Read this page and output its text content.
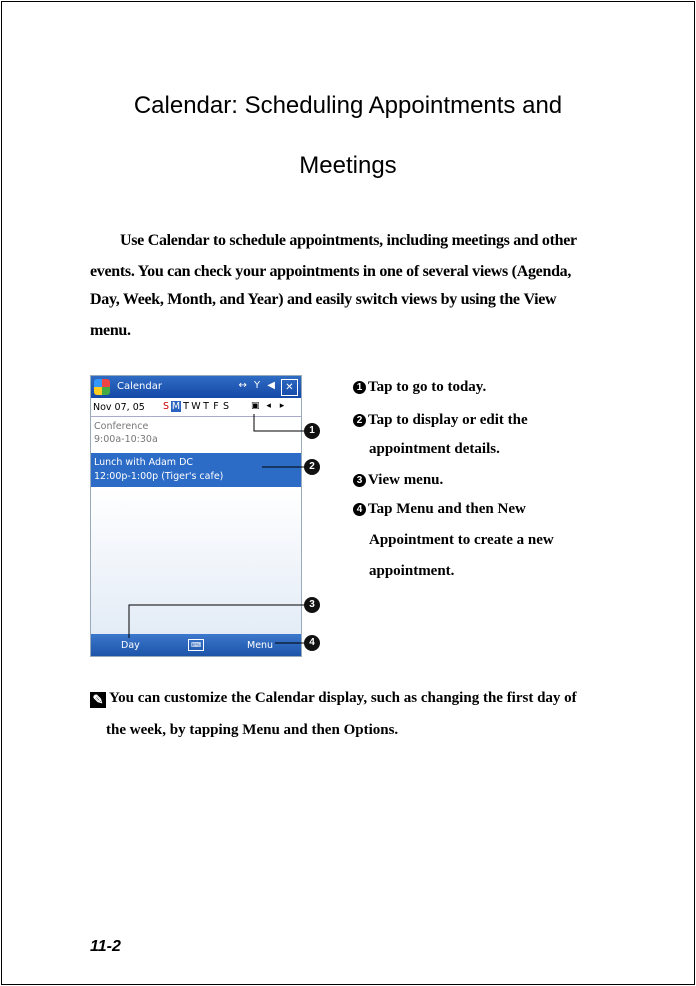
Calendar: Scheduling Appointments and
Meetings
Use Calendar to schedule appointments, including meetings and other
events. You can check your appointments in one of several views (Agenda,
Day, Week, Month, and Year) and easily switch views by using the View
menu.
Calendar	↔ Y ◀ ✕
Nov 07, 05 S M T W T F S ▣ ◂ ▸
Conference
9:00a-10:30a
Lunch with Adam DC
12:00p-1:00p (Tiger's cafe)
Day	⌨	Menu
1
2
3
4
1 Tap to go to today.
2 Tap to display or edit the
appointment details.
3 View menu.
4 Tap Menu and then New
Appointment to create a new
appointment.
✎ You can customize the Calendar display, such as changing the first day of
the week, by tapping Menu and then Options.
11-2
